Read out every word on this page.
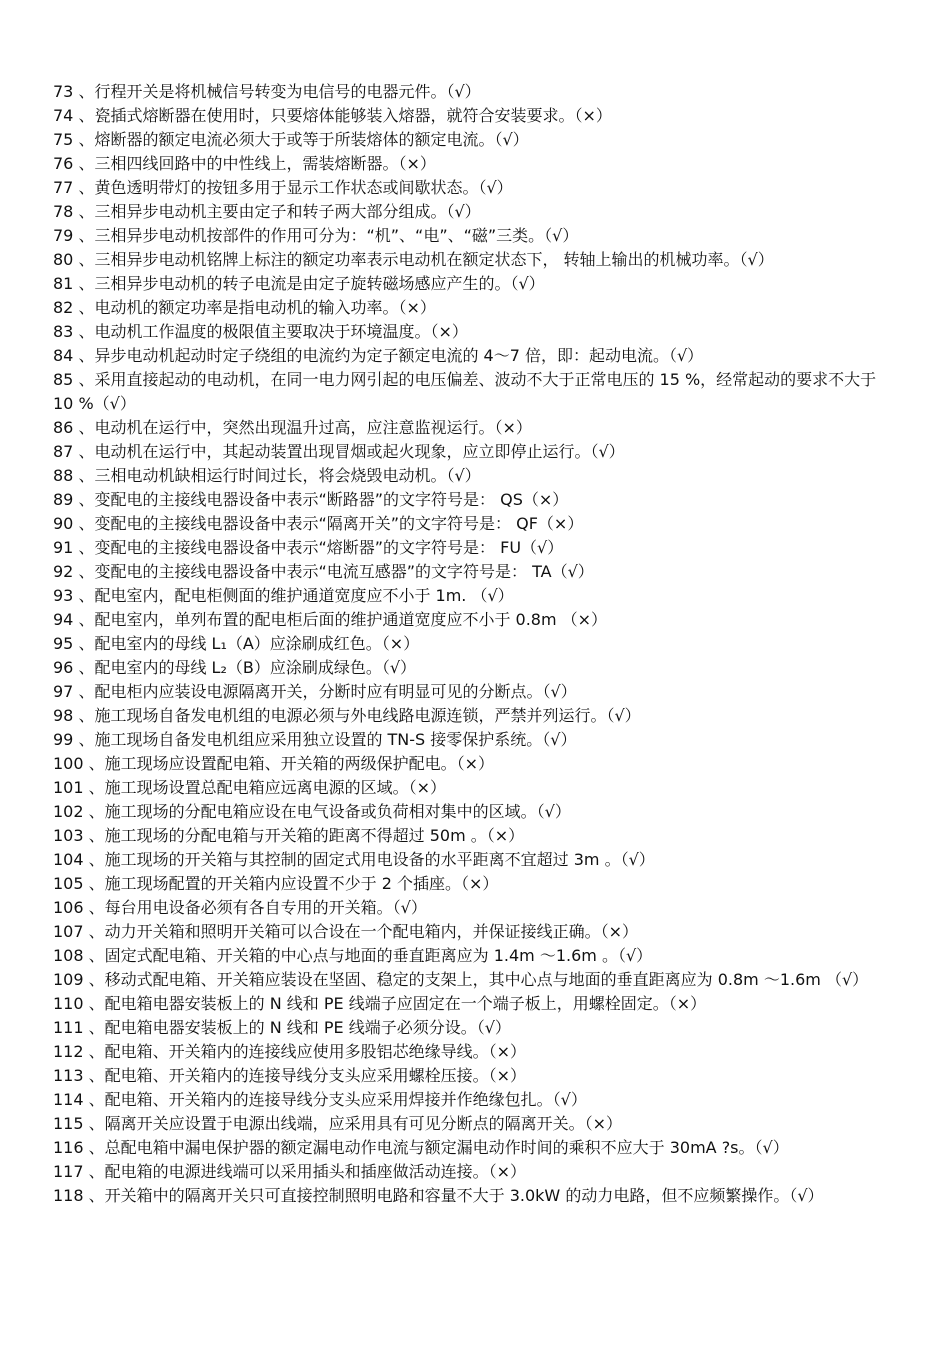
73 、行程开关是将机械信号转变为电信号的电器元件。（√）
74 、瓷插式熔断器在使用时，只要熔体能够装入熔器，就符合安装要求。（×）
75 、熔断器的额定电流必须大于或等于所装熔体的额定电流。（√）
76 、三相四线回路中的中性线上，需装熔断器。（×）
77 、黄色透明带灯的按钮多用于显示工作状态或间歇状态。（√）
78 、三相异步电动机主要由定子和转子两大部分组成。（√）
79 、三相异步电动机按部件的作用可分为：“机”、“电”、“磁”三类。（√）
80 、三相异步电动机铭牌上标注的额定功率表示电动机在额定状态下， 转轴上输出的机械功率。（√）
81 、三相异步电动机的转子电流是由定子旋转磁场感应产生的。（√）
82 、电动机的额定功率是指电动机的输入功率。（×）
83 、电动机工作温度的极限值主要取决于环境温度。（×）
84 、异步电动机起动时定子绕组的电流约为定子额定电流的 4～7 倍，即：起动电流。（√）
85 、采用直接起动的电动机，在同一电力网引起的电压偏差、波动不大于正常电压的 15 %，经常起动的要求不大于 10 %（√）
86 、电动机在运行中，突然出现温升过高，应注意监视运行。（×）
87 、电动机在运行中，其起动装置出现冒烟或起火现象，应立即停止运行。（√）
88 、三相电动机缺相运行时间过长，将会烧毁电动机。（√）
89 、变配电的主接线电器设备中表示“断路器”的文字符号是： QS（×）
90 、变配电的主接线电器设备中表示“隔离开关”的文字符号是： QF（×）
91 、变配电的主接线电器设备中表示“熔断器”的文字符号是： FU（√）
92 、变配电的主接线电器设备中表示“电流互感器”的文字符号是： TA（√）
93 、配电室内，配电柜侧面的维护通道宽度应不小于 1m. （√）
94 、配电室内，单列布置的配电柜后面的维护通道宽度应不小于 0.8m （×）
95 、配电室内的母线 L₁（A）应涂刷成红色。（×）
96 、配电室内的母线 L₂（B）应涂刷成绿色。（√）
97 、配电柜内应装设电源隔离开关，分断时应有明显可见的分断点。（√）
98 、施工现场自备发电机组的电源必须与外电线路电源连锁，严禁并列运行。（√）
99 、施工现场自备发电机组应采用独立设置的 TN-S 接零保护系统。（√）
100 、施工现场应设置配电箱、开关箱的两级保护配电。（×）
101 、施工现场设置总配电箱应远离电源的区域。（×）
102 、施工现场的分配电箱应设在电气设备或负荷相对集中的区域。（√）
103 、施工现场的分配电箱与开关箱的距离不得超过 50m 。（×）
104 、施工现场的开关箱与其控制的固定式用电设备的水平距离不宜超过 3m 。（√）
105 、施工现场配置的开关箱内应设置不少于 2 个插座。（×）
106 、每台用电设备必须有各自专用的开关箱。（√）
107 、动力开关箱和照明开关箱可以合设在一个配电箱内，并保证接线正确。（×）
108 、固定式配电箱、开关箱的中心点与地面的垂直距离应为 1.4m ～1.6m 。（√）
109 、移动式配电箱、开关箱应装设在坚固、稳定的支架上，其中心点与地面的垂直距离应为 0.8m ～1.6m （√）
110 、配电箱电器安装板上的 N 线和 PE 线端子应固定在一个端子板上，用螺栓固定。（×）
111 、配电箱电器安装板上的 N 线和 PE 线端子必须分设。（√）
112 、配电箱、开关箱内的连接线应使用多股铝芯绝缘导线。（×）
113 、配电箱、开关箱内的连接导线分支头应采用螺栓压接。（×）
114 、配电箱、开关箱内的连接导线分支头应采用焊接并作绝缘包扎。（√）
115 、隔离开关应设置于电源出线端，应采用具有可见分断点的隔离开关。（×）
116 、总配电箱中漏电保护器的额定漏电动作电流与额定漏电动作时间的乘积不应大于 30mA ?s。（√）
117 、配电箱的电源进线端可以采用插头和插座做活动连接。（×）
118 、开关箱中的隔离开关只可直接控制照明电路和容量不大于 3.0kW 的动力电路，但不应频繁操作。（√）
